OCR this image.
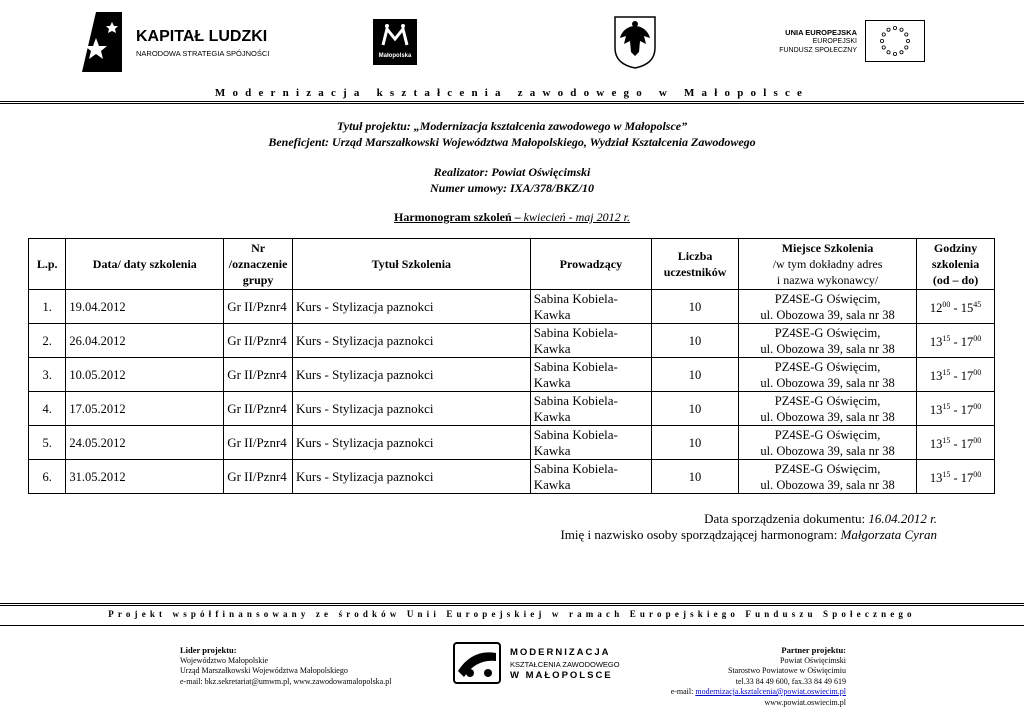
KAPITAŁ LUDZKI
NARODOWA STRATEGIA SPÓJNOŚCI	Małopolska
UNIA EUROPEJSKA
EUROPEJSKI
FUNDUSZ SPOŁECZNY
Modernizacja kształcenia zawodowego w Małopolsce
Tytuł projektu: „Modernizacja kształcenia zawodowego w Małopolsce”
Beneficjent: Urząd Marszałkowski Województwa Małopolskiego, Wydział Kształcenia Zawodowego
Realizator: Powiat Oświęcimski
Numer umowy: IXA/378/BKZ/10
Harmonogram szkoleń – kwiecień - maj 2012 r.
L.p.	Data/ daty szkolenia	Nr
/oznaczenie
grupy	Tytuł Szkolenia	Prowadzący	Liczba
uczestników	Miejsce Szkolenia
/w tym dokładny adres
i nazwa wykonawcy/	Godziny
szkolenia
(od – do)
1.	19.04.2012	Gr II/Pznr4	Kurs - Stylizacja paznokci	Sabina Kobiela-
Kawka	10	PZ4SE-G Oświęcim,
ul. Obozowa 39, sala nr 38	$12^{00} - 15^{45}$
2.	26.04.2012	Gr II/Pznr4	Kurs - Stylizacja paznokci	Sabina Kobiela-
Kawka	10	PZ4SE-G Oświęcim,
ul. Obozowa 39, sala nr 38	$13^{15} - 17^{00}$
3.	10.05.2012	Gr II/Pznr4	Kurs - Stylizacja paznokci	Sabina Kobiela-
Kawka	10	PZ4SE-G Oświęcim,
ul. Obozowa 39, sala nr 38	$13^{15} - 17^{00}$
4.	17.05.2012	Gr II/Pznr4	Kurs - Stylizacja paznokci	Sabina Kobiela-
Kawka	10	PZ4SE-G Oświęcim,
ul. Obozowa 39, sala nr 38	$13^{15} - 17^{00}$
5.	24.05.2012	Gr II/Pznr4	Kurs - Stylizacja paznokci	Sabina Kobiela-
Kawka	10	PZ4SE-G Oświęcim,
ul. Obozowa 39, sala nr 38	$13^{15} - 17^{00}$
6.	31.05.2012	Gr II/Pznr4	Kurs - Stylizacja paznokci	Sabina Kobiela-
Kawka	10	PZ4SE-G Oświęcim,
ul. Obozowa 39, sala nr 38	$13^{15} - 17^{00}$
Data sporządzenia dokumentu: 16.04.2012 r.
Imię i nazwisko osoby sporządzającej harmonogram: Małgorzata Cyran
Projekt współfinansowany ze środków Unii Europejskiej w ramach Europejskiego Funduszu Społecznego
Lider projektu:
Województwo Małopolskie
Urząd Marszałkowski Województwa Małopolskiego
e-mail: bkz.sekretariat@umwm.pl, www.zawodowamalopolska.pl
MODERNIZACJA
KSZTAŁCENIA ZAWODOWEGO
W MAŁOPOLSCE
Partner projektu:
Powiat Oświęcimski
Starostwo Powiatowe w Oświęcimiu
tel.33 84 49 600, fax.33 84 49 619
e-mail: modernizacja.ksztalcenia@powiat.oswiecim.pl
www.powiat.oswiecim.pl
